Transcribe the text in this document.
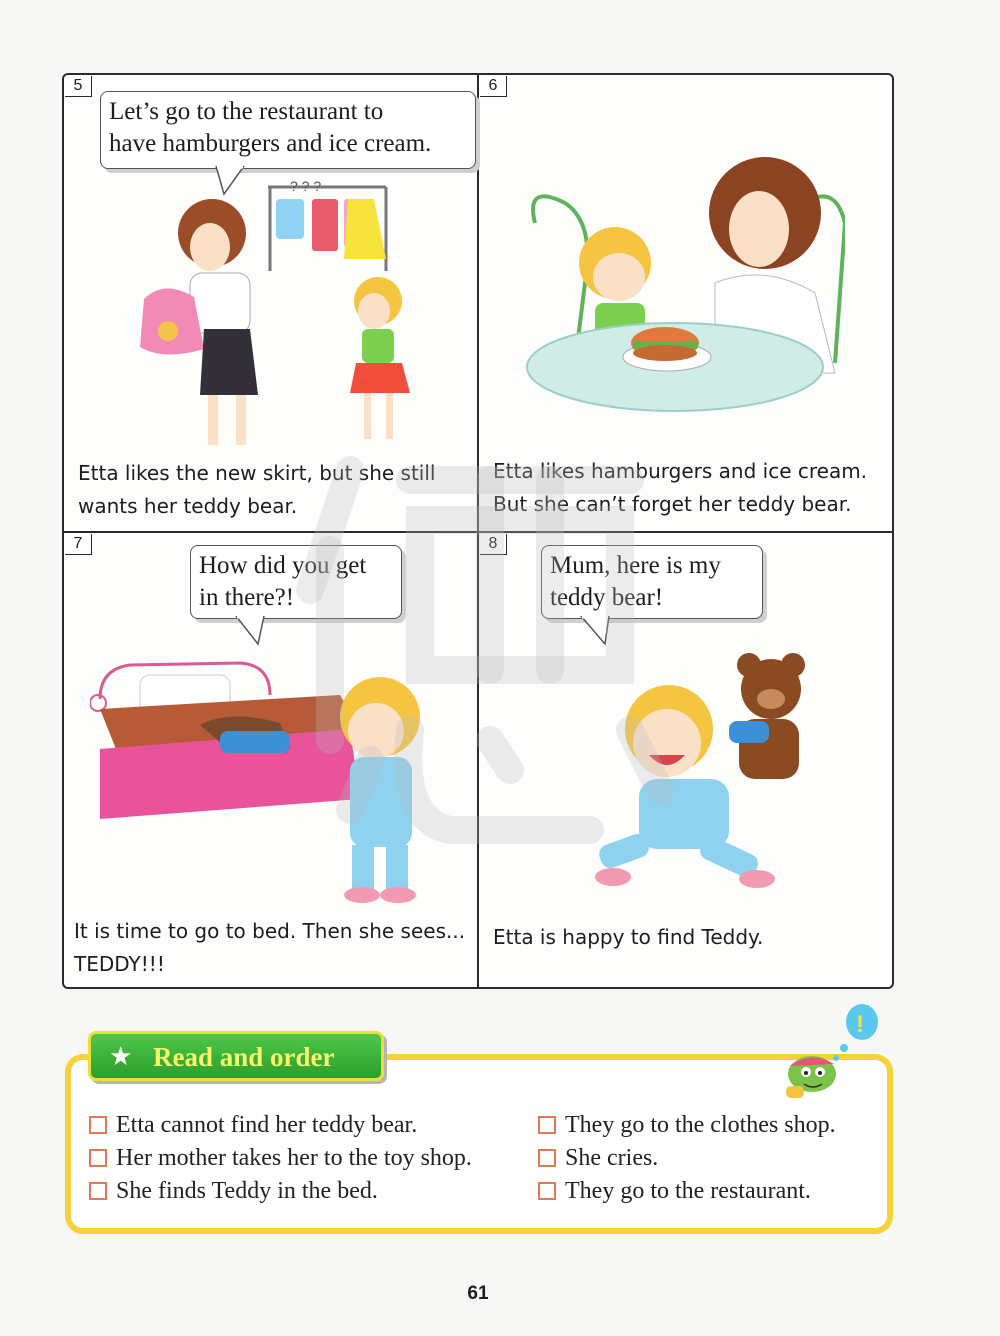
5
Let’s go to the restaurant to
have hamburgers and ice cream.
? ? ?
Etta likes the new skirt, but she still
wants her teddy bear.
6
Etta likes hamburgers and ice cream.
But she can’t forget her teddy bear.
7
How did you get
in there?!
It is time to go to bed. Then she sees...
TEDDY!!!
8
Mum, here is my
teddy bear!
Etta is happy to find Teddy.
!
★ Read and order
Etta cannot find her teddy bear.
Her mother takes her to the toy shop.
She finds Teddy in the bed.
They go to the clothes shop.
She cries.
They go to the restaurant.
61
